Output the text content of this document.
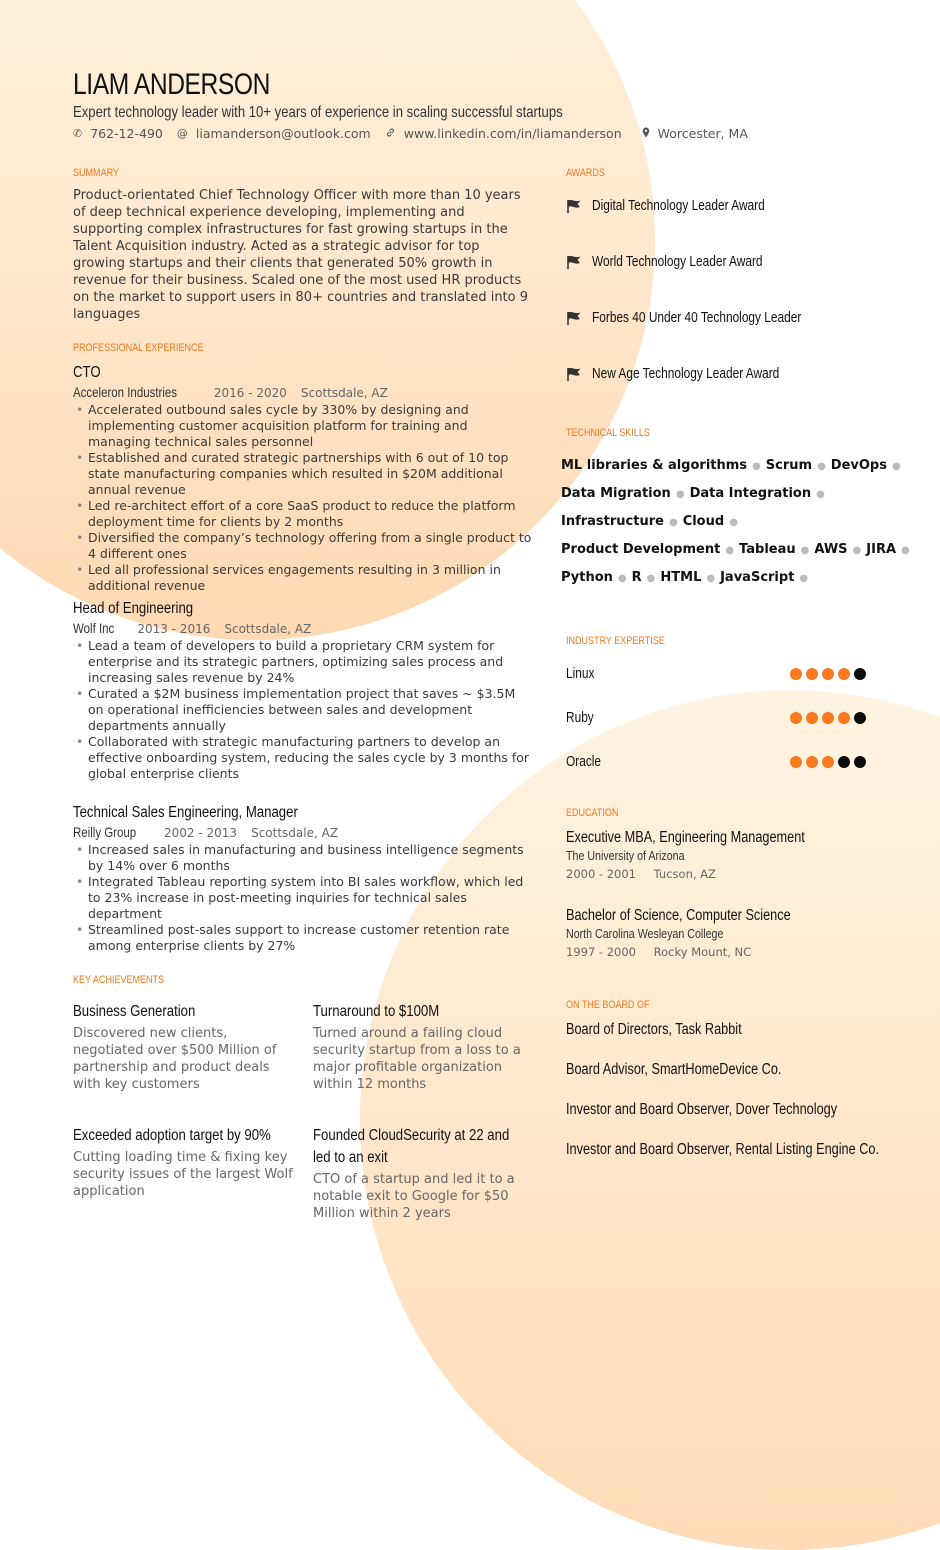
LIAM ANDERSON
Expert technology leader with 10+ years of experience in scaling successful startups
✆ 762-12-490 @ liamanderson@outlook.com	www.linkedin.com/in/liamanderson	Worcester, MA
SUMMARY
Product-orientated Chief Technology Officer with more than 10 years of deep technical experience developing, implementing and supporting complex infrastructures for fast growing startups in the Talent Acquisition industry. Acted as a strategic advisor for top growing startups and their clients that generated 50% growth in revenue for their business. Scaled one of the most used HR products on the market to support users in 80+ countries and translated into 9 languages
PROFESSIONAL EXPERIENCE
CTO
Acceleron Industries	2016 - 2020 Scottsdale, AZ
• Accelerated outbound sales cycle by 330% by designing and implementing customer acquisition platform for training and managing technical sales personnel
• Established and curated strategic partnerships with 6 out of 10 top state manufacturing companies which resulted in $20M additional annual revenue
• Led re-architect effort of a core SaaS product to reduce the platform deployment time for clients by 2 months
• Diversified the company’s technology offering from a single product to 4 different ones
• Led all professional services engagements resulting in 3 million in additional revenue
Head of Engineering
Wolf Inc 2013 - 2016 Scottsdale, AZ
• Lead a team of developers to build a proprietary CRM system for enterprise and its strategic partners, optimizing sales process and increasing sales revenue by 24%
• Curated a $2M business implementation project that saves ~ $3.5M on operational inefficiencies between sales and development departments annually
• Collaborated with strategic manufacturing partners to develop an effective onboarding system, reducing the sales cycle by 3 months for global enterprise clients
Technical Sales Engineering, Manager
Reilly Group 2002 - 2013 Scottsdale, AZ
• Increased sales in manufacturing and business intelligence segments by 14% over 6 months
• Integrated Tableau reporting system into BI sales workflow, which led to 23% increase in post-meeting inquiries for technical sales department
• Streamlined post-sales support to increase customer retention rate among enterprise clients by 27%
KEY ACHIEVEMENTS
Business Generation
Discovered new clients, negotiated over $500 Million of partnership and product deals with key customers
Turnaround to $100M
Turned around a failing cloud security startup from a loss to a major profitable organization within 12 months
Exceeded adoption target by 90%
Cutting loading time & fixing key security issues of the largest Wolf application
Founded CloudSecurity at 22 and led to an exit
CTO of a startup and led it to a notable exit to Google for $50 Million within 2 years
AWARDS
Digital Technology Leader Award
World Technology Leader Award
Forbes 40 Under 40 Technology Leader
New Age Technology Leader Award
TECHNICAL SKILLS
ML libraries & algorithms ● Scrum ● DevOps ●
Data Migration ● Data Integration ●
Infrastructure ● Cloud ●
Product Development ● Tableau ● AWS ● JIRA ●
Python ● R ● HTML ● JavaScript ●
INDUSTRY EXPERTISE
Linux
Ruby
Oracle
EDUCATION
Executive MBA, Engineering Management
The University of Arizona
2000 - 2001 Tucson, AZ
Bachelor of Science, Computer Science
North Carolina Wesleyan College
1997 - 2000 Rocky Mount, NC
ON THE BOARD OF
Board of Directors, Task Rabbit
Board Advisor, SmartHomeDevice Co.
Investor and Board Observer, Dover Technology
Investor and Board Observer, Rental Listing Engine Co.
